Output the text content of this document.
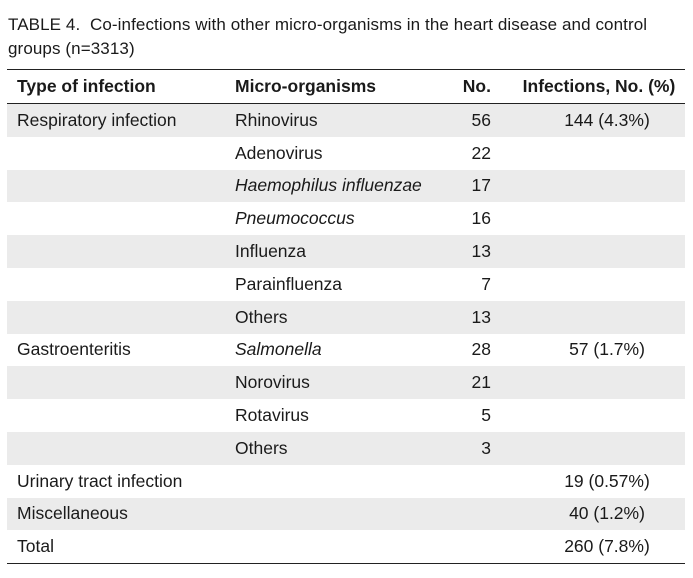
TABLE 4. Co-infections with other micro-organisms in the heart disease and control groups (n=3313)
Type of infection	Micro-organisms	No.	Infections, No. (%)
Respiratory infection	Rhinovirus	56	144 (4.3%)
	Adenovirus	22	
	Haemophilus influenzae	17	
	Pneumococcus	16	
	Influenza	13	
	Parainfluenza	7	
	Others	13	
Gastroenteritis	Salmonella	28	57 (1.7%)
	Norovirus	21	
	Rotavirus	5	
	Others	3	
Urinary tract infection			19 (0.57%)
Miscellaneous			40 (1.2%)
Total			260 (7.8%)
